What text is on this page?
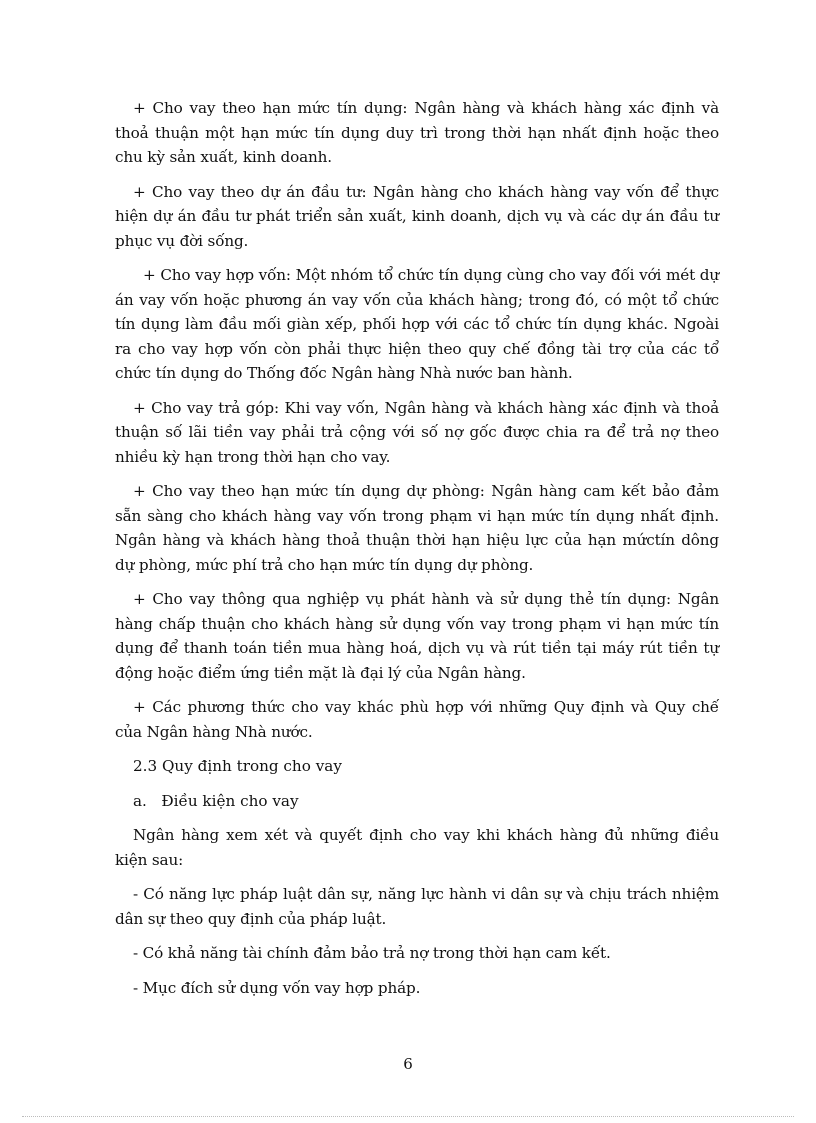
+ Cho vay theo hạn mức tín dụng: Ngân hàng và khách hàng xác định và thoả thuận một hạn mức tín dụng duy trì trong thời hạn nhất định hoặc theo chu kỳ sản xuất, kinh doanh.

+ Cho vay theo dự án đầu tư: Ngân hàng cho khách hàng vay vốn để thực hiện dự án đầu tư phát triển sản xuất, kinh doanh, dịch vụ và các dự án đầu tư phục vụ đời sống.

+ Cho vay hợp vốn: Một nhóm tổ chức tín dụng cùng cho vay đối với mét dự án vay vốn hoặc phương án vay vốn của khách hàng; trong đó, có một tổ chức tín dụng làm đầu mối giàn xếp, phối hợp với các tổ chức tín dụng khác. Ngoài ra cho vay hợp vốn còn phải thực hiện theo quy chế đồng tài trợ của các tổ chức tín dụng do Thống đốc Ngân hàng Nhà nước ban hành.

+ Cho vay trả góp: Khi vay vốn, Ngân hàng và khách hàng xác định và thoả thuận số lãi tiền vay phải trả cộng với số nợ gốc được chia ra để trả nợ theo nhiều kỳ hạn trong thời hạn cho vay.

+ Cho vay theo hạn mức tín dụng dự phòng: Ngân hàng cam kết bảo đảm sẵn sàng cho khách hàng vay vốn trong phạm vi hạn mức tín dụng nhất định. Ngân hàng và khách hàng thoả thuận thời hạn hiệu lực của hạn mứctín dông dự phòng, mức phí trả cho hạn mức tín dụng dự phòng.

+ Cho vay thông qua nghiệp vụ phát hành và sử dụng thẻ tín dụng: Ngân hàng chấp thuận cho khách hàng sử dụng vốn vay trong phạm vi hạn mức tín dụng để thanh toán tiền mua hàng hoá, dịch vụ và rút tiền tại máy rút tiền tự động hoặc điểm ứng tiền mặt là đại lý của Ngân hàng.

+ Các phương thức cho vay khác phù hợp với những Quy định và Quy chế của Ngân hàng Nhà nước.

2.3 Quy định trong cho vay

a.   Điều kiện cho vay

Ngân hàng xem xét và quyết định cho vay khi khách hàng đủ những điều kiện sau:

- Có năng lực pháp luật dân sự, năng lực hành vi dân sự và chịu trách nhiệm dân sự theo quy định của pháp luật.

- Có khả năng tài chính đảm bảo trả nợ trong thời hạn cam kết.

- Mục đích sử dụng vốn vay hợp pháp.

6
